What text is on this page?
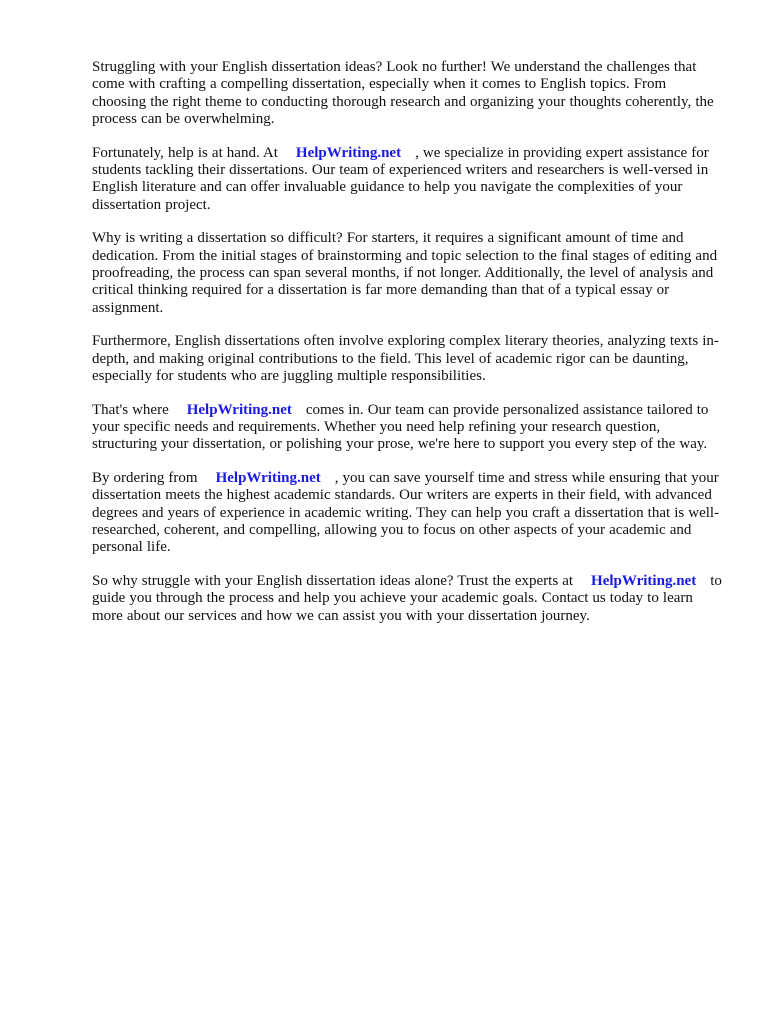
Struggling with your English dissertation ideas? Look no further! We understand the challenges that come with crafting a compelling dissertation, especially when it comes to English topics. From choosing the right theme to conducting thorough research and organizing your thoughts coherently, the process can be overwhelming.

Fortunately, help is at hand. At HelpWriting.net , we specialize in providing expert assistance for students tackling their dissertations. Our team of experienced writers and researchers is well-versed in English literature and can offer invaluable guidance to help you navigate the complexities of your dissertation project.

Why is writing a dissertation so difficult? For starters, it requires a significant amount of time and dedication. From the initial stages of brainstorming and topic selection to the final stages of editing and proofreading, the process can span several months, if not longer. Additionally, the level of analysis and critical thinking required for a dissertation is far more demanding than that of a typical essay or assignment.

Furthermore, English dissertations often involve exploring complex literary theories, analyzing texts in-depth, and making original contributions to the field. This level of academic rigor can be daunting, especially for students who are juggling multiple responsibilities.

That's where HelpWriting.net comes in. Our team can provide personalized assistance tailored to your specific needs and requirements. Whether you need help refining your research question, structuring your dissertation, or polishing your prose, we're here to support you every step of the way.

By ordering from HelpWriting.net , you can save yourself time and stress while ensuring that your dissertation meets the highest academic standards. Our writers are experts in their field, with advanced degrees and years of experience in academic writing. They can help you craft a dissertation that is well-researched, coherent, and compelling, allowing you to focus on other aspects of your academic and personal life.

So why struggle with your English dissertation ideas alone? Trust the experts at HelpWriting.net to guide you through the process and help you achieve your academic goals. Contact us today to learn more about our services and how we can assist you with your dissertation journey.
